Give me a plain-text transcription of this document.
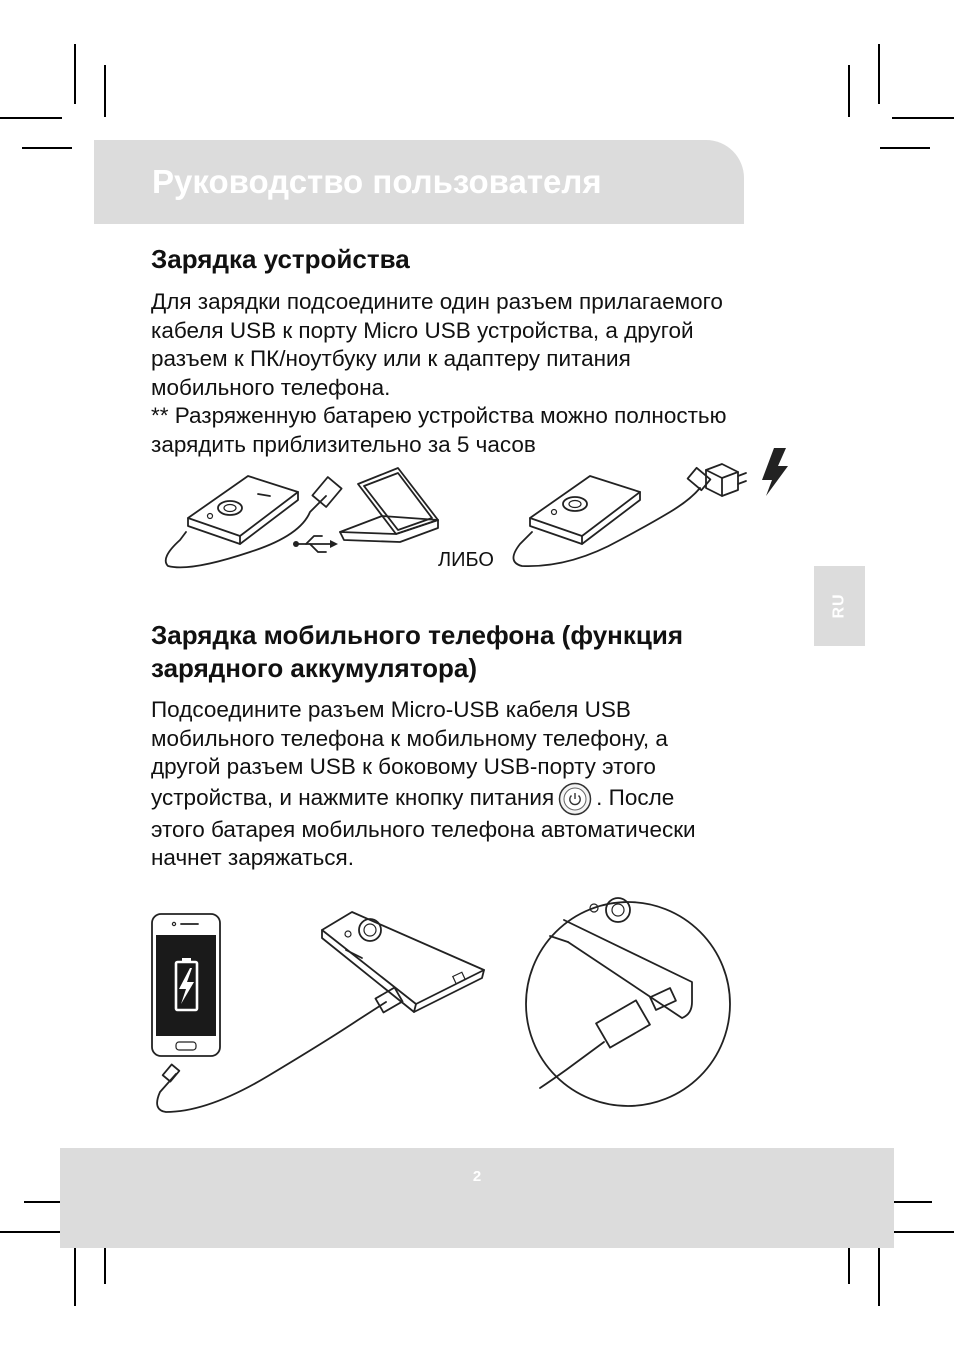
Руководство пользователя
Зарядка устройства

Для зарядки подсоедините один разъем прилагаемого

кабеля USB к порту Micro USB устройства, а другой

разъем к ПК/ноутбуку или к адаптеру питания

мобильного телефона.

** Разряженную батарею устройства можно полностью

зарядить приблизительно за 5 часов

ЛИБО
RU
Зарядка мобильного телефона (функция
зарядного аккумулятора)

Подсоедините разъем Micro-USB кабеля USB

мобильного телефона к мобильному телефону, а

другой разъем USB к боковому USB-порту этого

устройства, и нажмите кнопку питания . После

этого батарея мобильного телефона автоматически

начнет заряжаться.

2
